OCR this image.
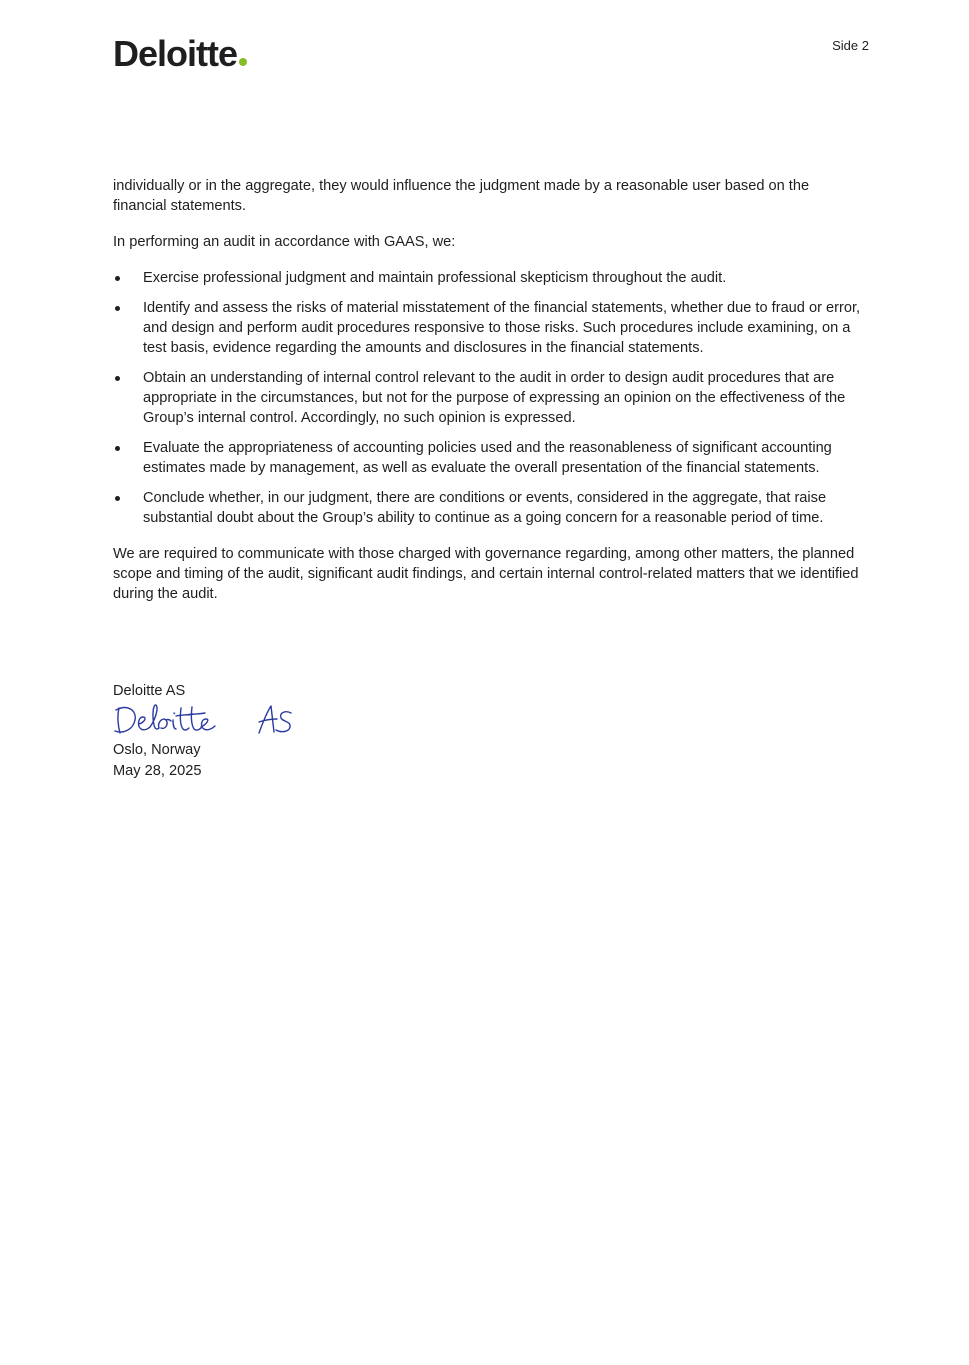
Deloitte	Side 2

individually or in the aggregate, they would influence the judgment made by a reasonable user based on the financial statements.

In performing an audit in accordance with GAAS, we:

Exercise professional judgment and maintain professional skepticism throughout the audit.
Identify and assess the risks of material misstatement of the financial statements, whether due to fraud or error, and design and perform audit procedures responsive to those risks. Such procedures include examining, on a test basis, evidence regarding the amounts and disclosures in the financial statements.
Obtain an understanding of internal control relevant to the audit in order to design audit procedures that are appropriate in the circumstances, but not for the purpose of expressing an opinion on the effectiveness of the Group’s internal control. Accordingly, no such opinion is expressed.
Evaluate the appropriateness of accounting policies used and the reasonableness of significant accounting estimates made by management, as well as evaluate the overall presentation of the financial statements.
Conclude whether, in our judgment, there are conditions or events, considered in the aggregate, that raise substantial doubt about the Group’s ability to continue as a going concern for a reasonable period of time.

We are required to communicate with those charged with governance regarding, among other matters, the planned scope and timing of the audit, significant audit findings, and certain internal control-related matters that we identified during the audit.

Deloitte AS
Deloitte AS
Oslo, Norway
May 28, 2025
